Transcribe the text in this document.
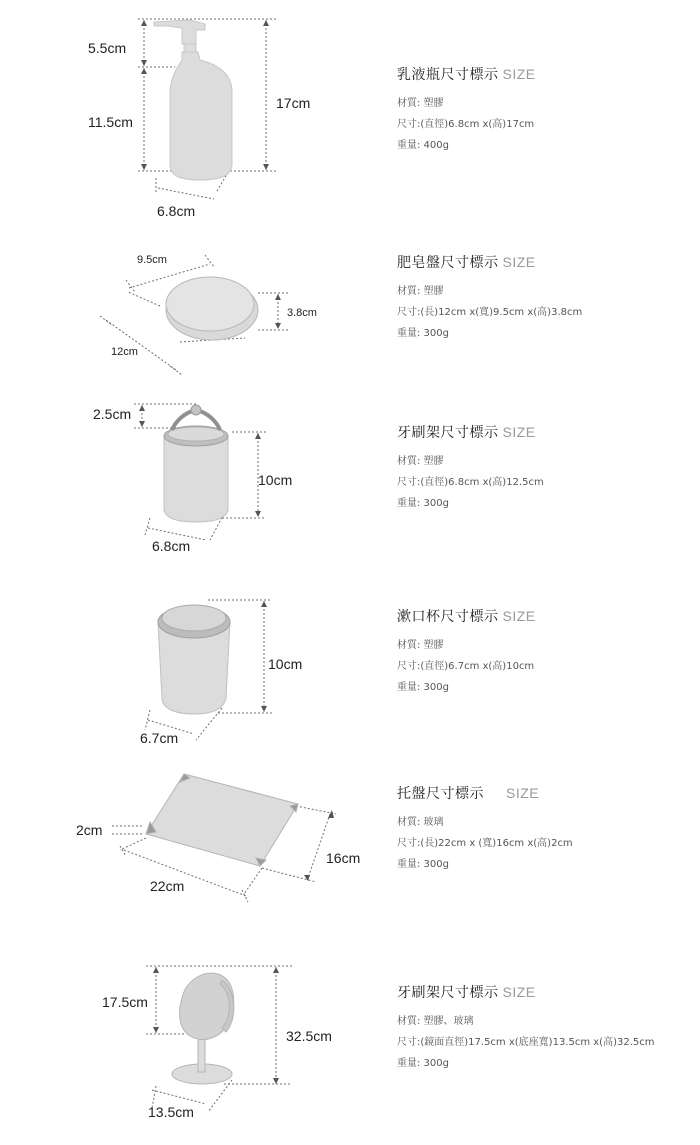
5.5cm
11.5cm
17cm
6.8cm
乳液瓶尺寸標示 SIZE
材質: 塑膠
尺寸:(直徑)6.8cm x(高)17cm
重量: 400g
9.5cm
3.8cm
12cm
肥皂盤尺寸標示 SIZE
材質: 塑膠
尺寸:(長)12cm x(寬)9.5cm x(高)3.8cm
重量: 300g
2.5cm
10cm
6.8cm
牙刷架尺寸標示 SIZE
材質: 塑膠
尺寸:(直徑)6.8cm x(高)12.5cm
重量: 300g
10cm
6.7cm
漱口杯尺寸標示 SIZE
材質: 塑膠
尺寸:(直徑)6.7cm x(高)10cm
重量: 300g
2cm
16cm
22cm
托盤尺寸標示 SIZE
材質: 玻璃
尺寸:(長)22cm x (寬)16cm x(高)2cm
重量: 300g
17.5cm
32.5cm
13.5cm
牙刷架尺寸標示 SIZE
材質: 塑膠、玻璃
尺寸:(鏡面直徑)17.5cm x(底座寬)13.5cm x(高)32.5cm
重量: 300g
